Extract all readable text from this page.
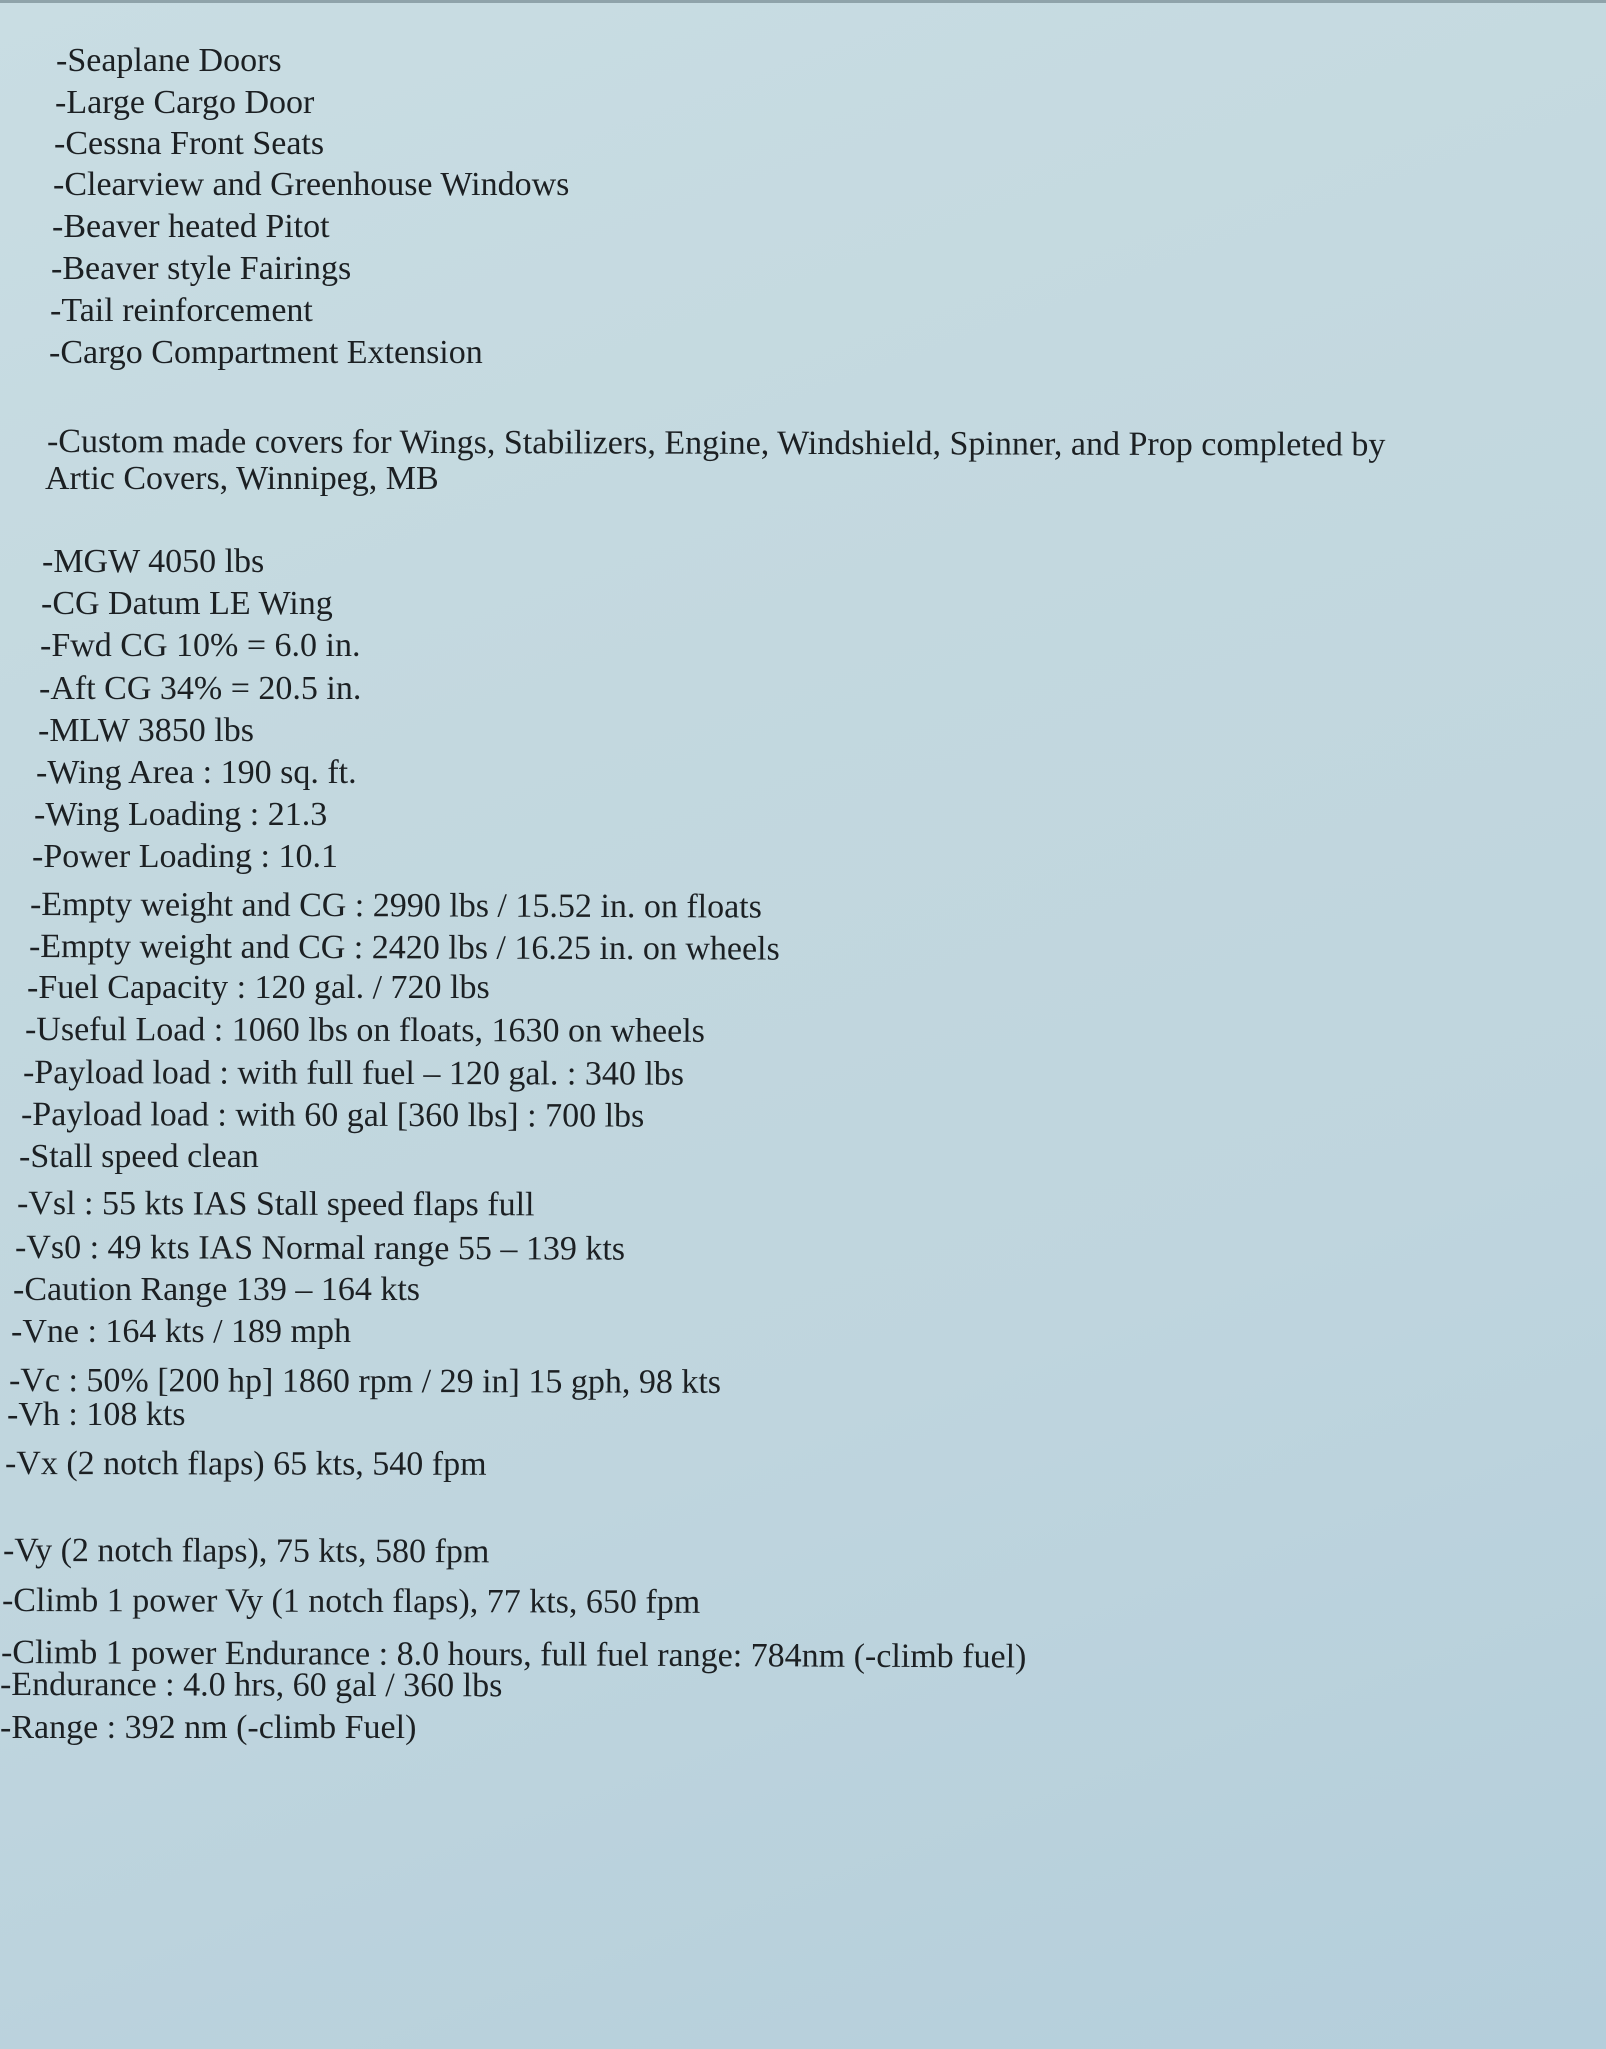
-Seaplane Doors
-Large Cargo Door
-Cessna Front Seats
-Clearview and Greenhouse Windows
-Beaver heated Pitot
-Beaver style Fairings
-Tail reinforcement
-Cargo Compartment Extension
-Custom made covers for Wings, Stabilizers, Engine, Windshield, Spinner, and Prop completed by
Artic Covers, Winnipeg, MB
-MGW 4050 lbs
-CG Datum LE Wing
-Fwd CG 10% = 6.0 in.
-Aft CG 34% = 20.5 in.
-MLW 3850 lbs
-Wing Area : 190 sq. ft.
-Wing Loading : 21.3
-Power Loading : 10.1
-Empty weight and CG : 2990 lbs / 15.52 in. on floats
-Empty weight and CG : 2420 lbs / 16.25 in. on wheels
-Fuel Capacity : 120 gal. / 720 lbs
-Useful Load : 1060 lbs on floats, 1630 on wheels
-Payload load : with full fuel – 120 gal. : 340 lbs
-Payload load : with 60 gal [360 lbs] : 700 lbs
-Stall speed clean
-Vsl : 55 kts IAS Stall speed flaps full
-Vs0 : 49 kts IAS Normal range 55 – 139 kts
-Caution Range 139 – 164 kts
-Vne : 164 kts / 189 mph
-Vc : 50% [200 hp] 1860 rpm / 29 in] 15 gph, 98 kts
-Vh : 108 kts
-Vx (2 notch flaps) 65 kts, 540 fpm
-Vy (2 notch flaps), 75 kts, 580 fpm
-Climb 1 power Vy (1 notch flaps), 77 kts, 650 fpm
-Climb 1 power Endurance : 8.0 hours, full fuel range: 784nm (-climb fuel)
-Endurance : 4.0 hrs, 60 gal / 360 lbs
-Range : 392 nm (-climb Fuel)
